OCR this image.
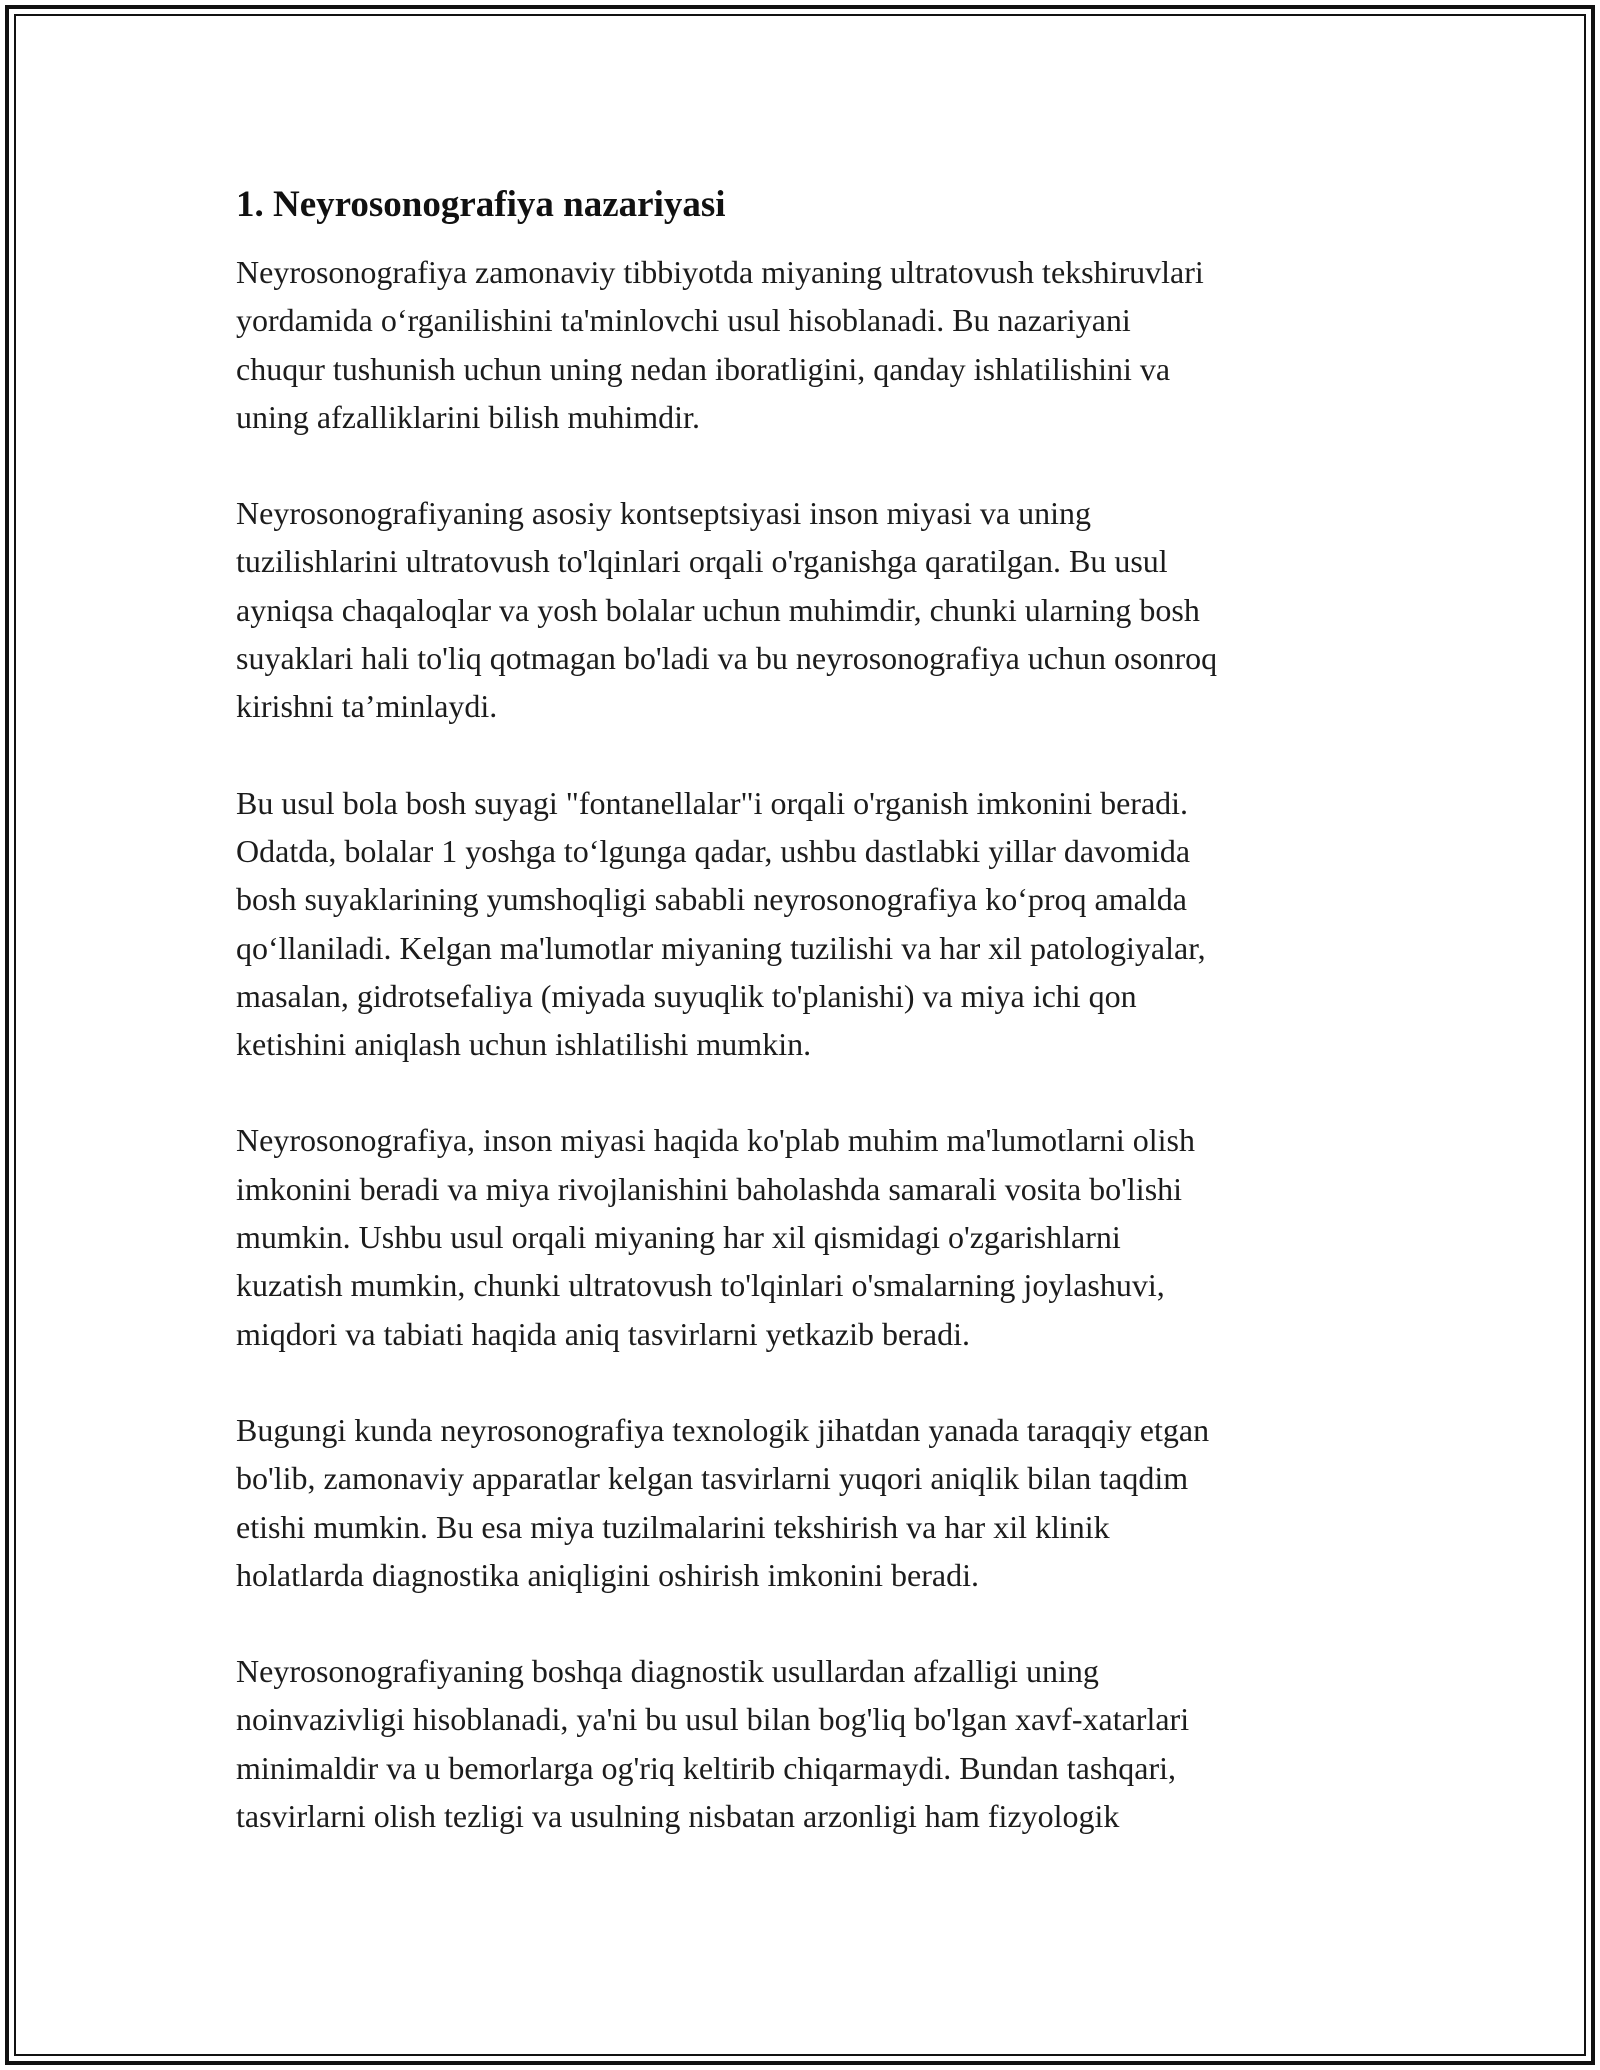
1. Neyrosonografiya nazariyasi

Neyrosonografiya zamonaviy tibbiyotda miyaning ultratovush tekshiruvlari
yordamida o‘rganilishini ta'minlovchi usul hisoblanadi. Bu nazariyani
chuqur tushunish uchun uning nedan iboratligini, qanday ishlatilishini va
uning afzalliklarini bilish muhimdir.

Neyrosonografiyaning asosiy kontseptsiyasi inson miyasi va uning
tuzilishlarini ultratovush to'lqinlari orqali o'rganishga qaratilgan. Bu usul
ayniqsa chaqaloqlar va yosh bolalar uchun muhimdir, chunki ularning bosh
suyaklari hali to'liq qotmagan bo'ladi va bu neyrosonografiya uchun osonroq
kirishni ta’minlaydi.

Bu usul bola bosh suyagi "fontanellalar"i orqali o'rganish imkonini beradi.
Odatda, bolalar 1 yoshga to‘lgunga qadar, ushbu dastlabki yillar davomida
bosh suyaklarining yumshoqligi sababli neyrosonografiya ko‘proq amalda
qo‘llaniladi. Kelgan ma'lumotlar miyaning tuzilishi va har xil patologiyalar,
masalan, gidrotsefaliya (miyada suyuqlik to'planishi) va miya ichi qon
ketishini aniqlash uchun ishlatilishi mumkin.

Neyrosonografiya, inson miyasi haqida ko'plab muhim ma'lumotlarni olish
imkonini beradi va miya rivojlanishini baholashda samarali vosita bo'lishi
mumkin. Ushbu usul orqali miyaning har xil qismidagi o'zgarishlarni
kuzatish mumkin, chunki ultratovush to'lqinlari o'smalarning joylashuvi,
miqdori va tabiati haqida aniq tasvirlarni yetkazib beradi.

Bugungi kunda neyrosonografiya texnologik jihatdan yanada taraqqiy etgan
bo'lib, zamonaviy apparatlar kelgan tasvirlarni yuqori aniqlik bilan taqdim
etishi mumkin. Bu esa miya tuzilmalarini tekshirish va har xil klinik
holatlarda diagnostika aniqligini oshirish imkonini beradi.

Neyrosonografiyaning boshqa diagnostik usullardan afzalligi uning
noinvazivligi hisoblanadi, ya'ni bu usul bilan bog'liq bo'lgan xavf-xatarlari
minimaldir va u bemorlarga og'riq keltirib chiqarmaydi. Bundan tashqari,
tasvirlarni olish tezligi va usulning nisbatan arzonligi ham fizyologik
